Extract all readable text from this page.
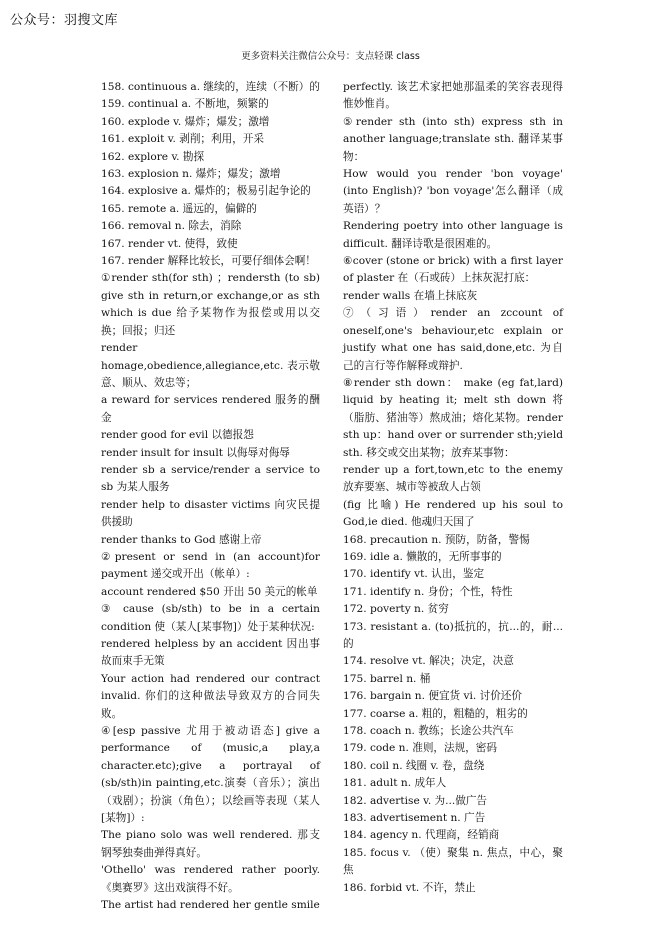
公众号：羽搜文库
更多资料关注微信公众号：支点轻课 class

158. continuous a. 继续的，连续（不断）的

159. continual a. 不断地，频繁的

160. explode v. 爆炸；爆发；激增

161. exploit v. 剥削；利用，开采

162. explore v. 勘探

163. explosion n. 爆炸；爆发；激增

164. explosive a. 爆炸的；极易引起争论的

165. remote a. 遥远的，偏僻的

166. removal n. 除去，消除

167. render vt. 使得，致使

167. render 解释比较长，可要仔细体会啊！

①render sth(for sth) ；rendersth (to sb) give sth in return,or exchange,or as sth which is due 给予某物作为报偿或用以交换；回报；归还

render homage,obedience,allegiance,etc. 表示敬意、顺从、效忠等；

a reward for services rendered 服务的酬金

render good for evil 以德报怨

render insult for insult 以侮辱对侮辱

render sb a service/render a service to sb 为某人服务

render help to disaster victims 向灾民提供援助

render thanks to God 感谢上帝

②present or send in (an account)for payment 递交或开出（帐单）:

account rendered $50 开出 50 美元的帐单

③ cause (sb/sth) to be in a certain condition 使（某人[某事物]）处于某种状况:

rendered helpless by an accident 因出事故而束手无策

Your action had rendered our contract invalid. 你们的这种做法导致双方的合同失败。

④[esp passive 尤用于被动语态] give a performance of (music,a play,a character.etc);give a portrayal of (sb/sth)in painting,etc.演奏（音乐）；演出（戏剧）；扮演（角色）；以绘画等表现（某人[某物]）:

The piano solo was well rendered. 那支钢琴独奏曲弹得真好。

'Othello' was rendered rather poorly. 《奥赛罗》这出戏演得不好。

The artist had rendered her gentle smile

perfectly. 该艺术家把她那温柔的笑容表现得惟妙惟肖。

⑤render sth (into sth) express sth in another language;translate sth. 翻译某事物：

How would you render 'bon voyage' (into English)? 'bon voyage'怎么翻译（成英语）？

Rendering poetry into other language is difficult. 翻译诗歌是很困难的。

⑥cover (stone or brick) with a first layer of plaster 在（石或砖）上抹灰泥打底：

render walls 在墙上抹底灰

⑦（习语）render an zccount of oneself,one's behaviour,etc explain or justify what one has said,done,etc. 为自己的言行等作解释或辩护.

⑧render sth down： make (eg fat,lard) liquid by heating it; melt sth down 将（脂肪、猪油等）熬成油；熔化某物。render sth up：hand over or surrender sth;yield sth. 移交或交出某物；放弃某事物：

render up a fort,town,etc to the enemy 放弃要塞、城市等被敌人占领

(fig 比喻) He rendered up his soul to God,ie died. 他魂归天国了

168. precaution n. 预防，防备，警惕

169. idle a. 懒散的，无所事事的

170. identify vt. 认出，鉴定

171. identify n. 身份；个性，特性

172. poverty n. 贫穷

173. resistant a. (to)抵抗的，抗...的，耐...的

174. resolve vt. 解决；决定，决意

175. barrel n. 桶

176. bargain n. 便宜货 vi. 讨价还价

177. coarse a. 粗的，粗糙的，粗劣的

178. coach n. 教练；长途公共汽车

179. code n. 准则，法规，密码

180. coil n. 线圈 v. 卷，盘绕

181. adult n. 成年人

182. advertise v. 为...做广告

183. advertisement n. 广告

184. agency n. 代理商，经销商

185. focus v. （使）聚集 n. 焦点，中心，聚焦

186. forbid vt. 不许，禁止
